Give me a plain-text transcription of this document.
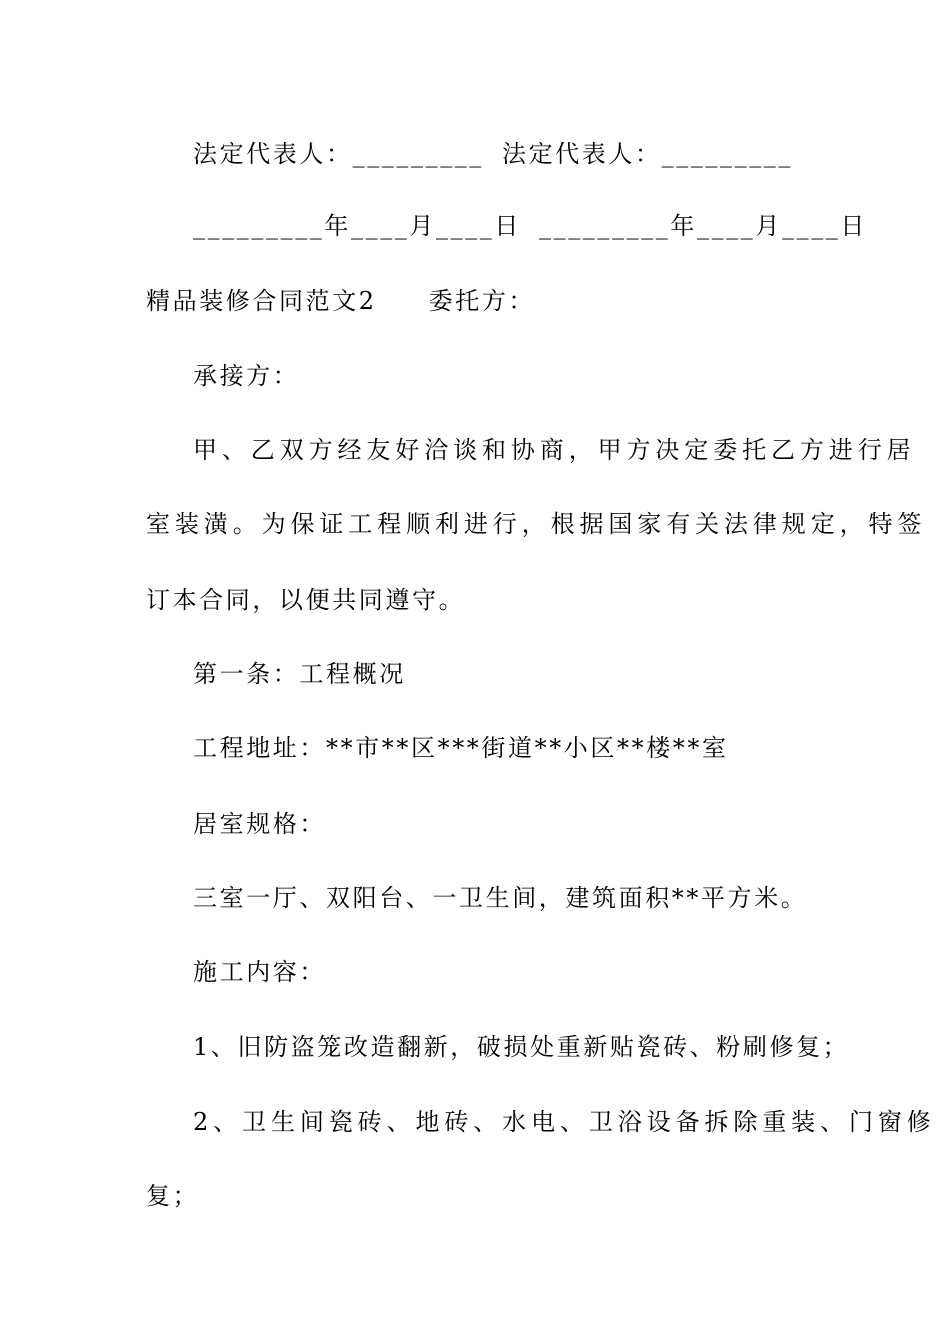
法定代表人：_________ 法定代表人：_________
_________年____月____日 _________年____月____日
精品装修合同范文2 委托方：
承接方：
甲、乙双方经友好洽谈和协商，甲方决定委托乙方进行居
室装潢。为保证工程顺利进行，根据国家有关法律规定，特签
订本合同，以便共同遵守。
第一条：工程概况
工程地址：**市**区***街道**小区**楼**室
居室规格：
三室一厅、双阳台、一卫生间，建筑面积**平方米。
施工内容：
1、旧防盗笼改造翻新，破损处重新贴瓷砖、粉刷修复；
2、卫生间瓷砖、地砖、水电、卫浴设备拆除重装、门窗修
复；
